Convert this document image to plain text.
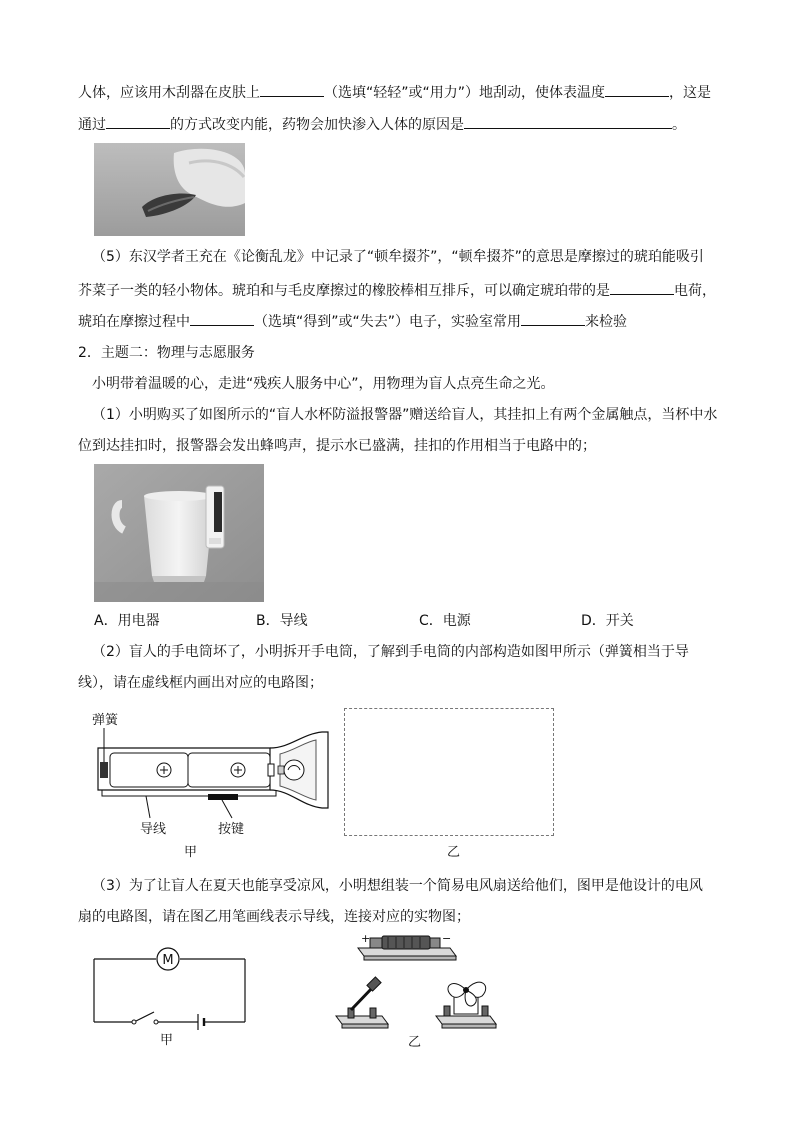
人体，应该用木刮器在皮肤上	（选填“轻轻”或“用力”）地刮动，使体表温度	，这是
通过	的方式改变内能，药物会加快渗入人体的原因是	。
（5）东汉学者王充在《论衡乱龙》中记录了“顿牟掇芥”，“顿牟掇芥”的意思是摩擦过的琥珀能吸引
芥菜子一类的轻小物体。琥珀和与毛皮摩擦过的橡胶棒相互排斥，可以确定琥珀带的是	电荷，
琥珀在摩擦过程中	（选填“得到”或“失去”）电子，实验室常用	来检验
2．主题二：物理与志愿服务
小明带着温暖的心，走进“残疾人服务中心”，用物理为盲人点亮生命之光。
（1）小明购买了如图所示的“盲人水杯防溢报警器”赠送给盲人，其挂扣上有两个金属触点，当杯中水
位到达挂扣时，报警器会发出蜂鸣声，提示水已盛满，挂扣的作用相当于电路中的；
A．用电器	B．导线	C．电源	D．开关
（2）盲人的手电筒坏了，小明拆开手电筒，了解到手电筒的内部构造如图甲所示（弹簧相当于导
线），请在虚线框内画出对应的电路图；
弹簧
导线	按键
甲	乙
（3）为了让盲人在夏天也能享受凉风，小明想组装一个简易电风扇送给他们，图甲是他设计的电风
扇的电路图，请在图乙用笔画线表示导线，连接对应的实物图；
M
甲
+	−
乙
